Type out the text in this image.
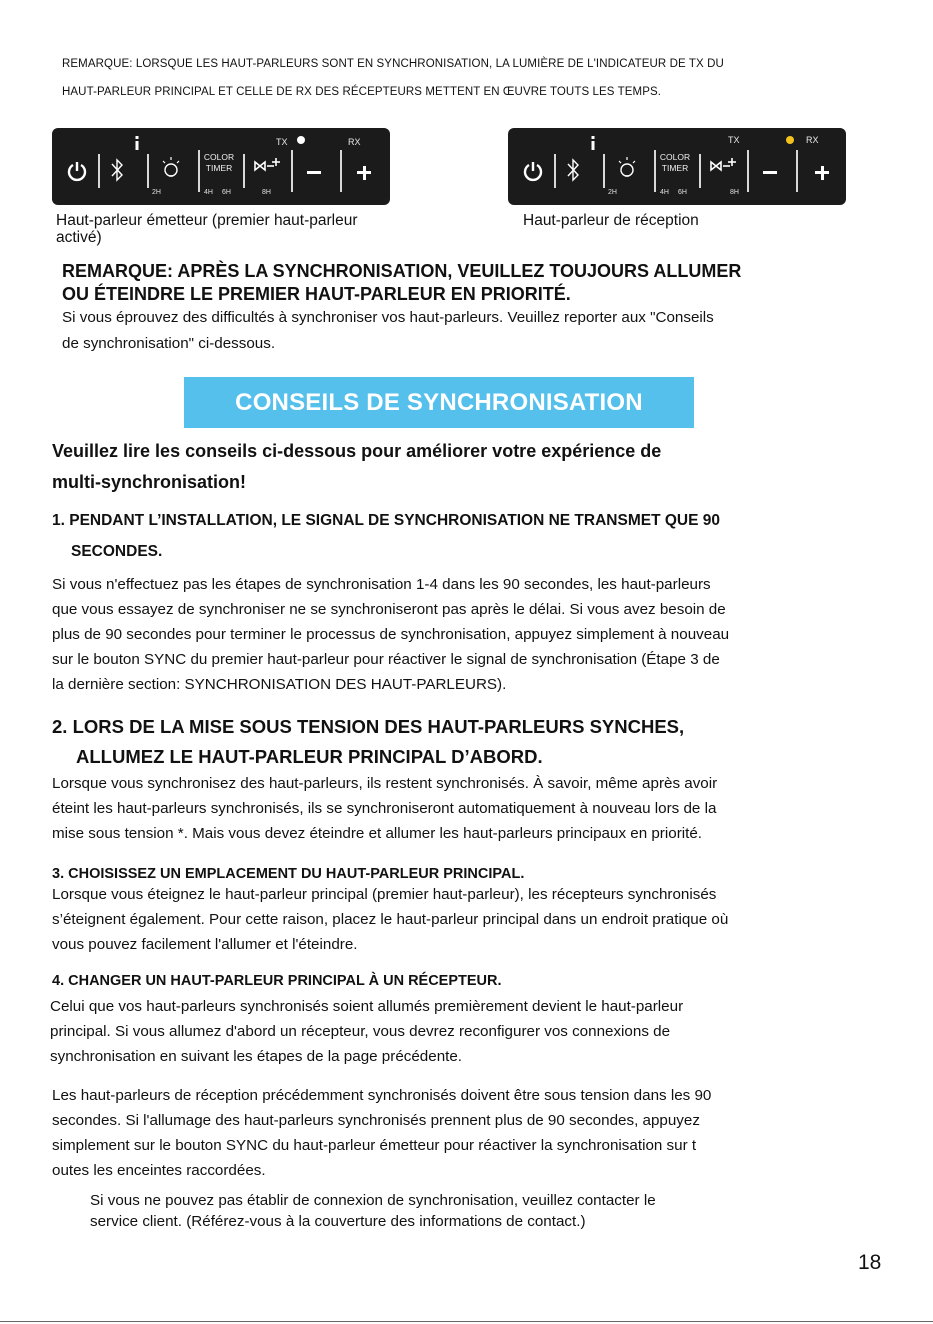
REMARQUE: LORSQUE LES HAUT-PARLEURS SONT EN SYNCHRONISATION, LA LUMIÈRE DE L'INDICATEUR DE TX DU
HAUT-PARLEUR PRINCIPAL ET CELLE DE RX DES RÉCEPTEURS METTENT EN ŒUVRE TOUTS LES TEMPS.
COLOR
TIMER
TX	RX
2H	4H 6H	8H
COLOR
TIMER
TX	RX
2H	4H 6H	8H
Haut-parleur émetteur (premier haut-parleur
activé)
Haut-parleur de réception
REMARQUE: APRÈS LA SYNCHRONISATION, VEUILLEZ TOUJOURS ALLUMER
OU ÉTEINDRE LE PREMIER HAUT-PARLEUR EN PRIORITÉ.
Si vous éprouvez des difficultés à synchroniser vos haut-parleurs. Veuillez reporter aux "Conseils
de synchronisation" ci-dessous.
CONSEILS DE SYNCHRONISATION
Veuillez lire les conseils ci-dessous pour améliorer votre expérience de
multi-synchronisation!
1. PENDANT L’INSTALLATION, LE SIGNAL DE SYNCHRONISATION NE TRANSMET QUE 90
SECONDES.
Si vous n'effectuez pas les étapes de synchronisation 1-4 dans les 90 secondes, les haut-parleurs
que vous essayez de synchroniser ne se synchroniseront pas après le délai. Si vous avez besoin de
plus de 90 secondes pour terminer le processus de synchronisation, appuyez simplement à nouveau
sur le bouton SYNC du premier haut-parleur pour réactiver le signal de synchronisation (Étape 3 de
la dernière section: SYNCHRONISATION DES HAUT-PARLEURS).
2. LORS DE LA MISE SOUS TENSION DES HAUT-PARLEURS SYNCHES,
ALLUMEZ LE HAUT-PARLEUR PRINCIPAL D’ABORD.
Lorsque vous synchronisez des haut-parleurs, ils restent synchronisés. À savoir, même après avoir
éteint les haut-parleurs synchronisés, ils se synchroniseront automatiquement à nouveau lors de la
mise sous tension *. Mais vous devez éteindre et allumer les haut-parleurs principaux en priorité.
3. CHOISISSEZ UN EMPLACEMENT DU HAUT-PARLEUR PRINCIPAL.
Lorsque vous éteignez le haut-parleur principal (premier haut-parleur), les récepteurs synchronisés
s’éteignent également. Pour cette raison, placez le haut-parleur principal dans un endroit pratique où
vous pouvez facilement l'allumer et l'éteindre.
4. CHANGER UN HAUT-PARLEUR PRINCIPAL À UN RÉCEPTEUR.
Celui que vos haut-parleurs synchronisés soient allumés premièrement devient le haut-parleur
principal. Si vous allumez d'abord un récepteur, vous devrez reconfigurer vos connexions de
synchronisation en suivant les étapes de la page précédente.
Les haut-parleurs de réception précédemment synchronisés doivent être sous tension dans les 90
secondes. Si l'allumage des haut-parleurs synchronisés prennent plus de 90 secondes, appuyez
simplement sur le bouton SYNC du haut-parleur émetteur pour réactiver la synchronisation sur t
outes les enceintes raccordées.
Si vous ne pouvez pas établir de connexion de synchronisation, veuillez contacter le
service client. (Référez-vous à la couverture des informations de contact.)
18
